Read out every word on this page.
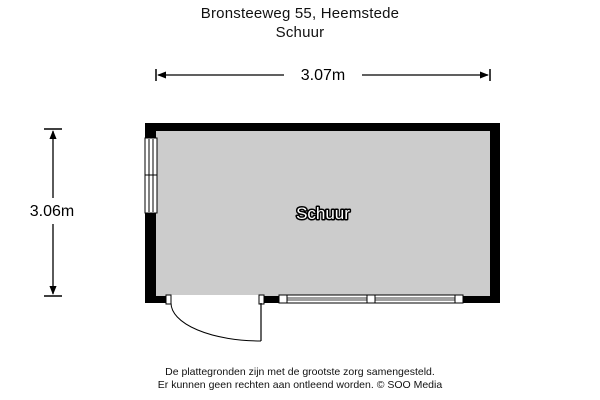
Bronsteeweg 55, Heemstede
Schuur
3.07m
3.06m	Schuur
De plattegronden zijn met de grootste zorg samengesteld.
Er kunnen geen rechten aan ontleend worden. © SOO Media
